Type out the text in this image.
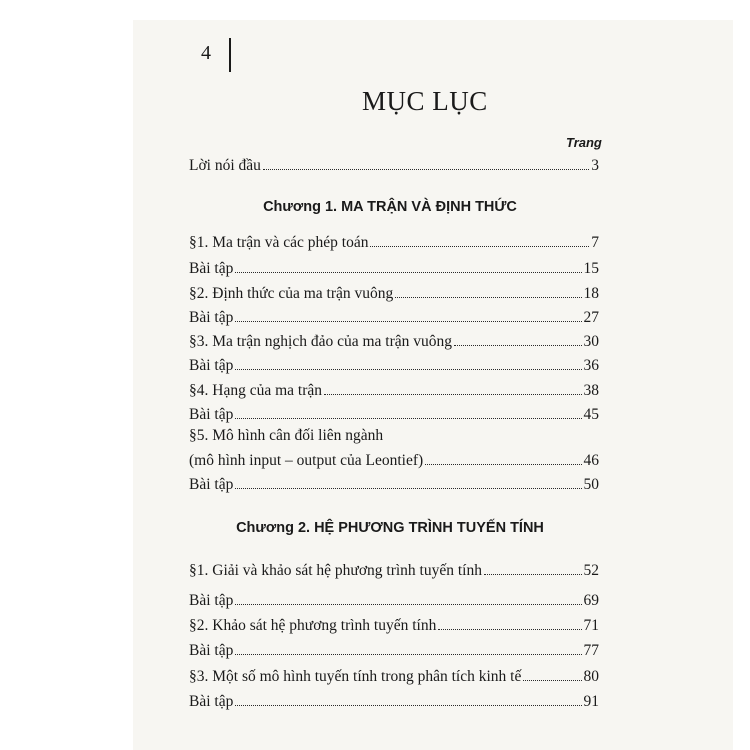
4
MỤC LỤC
Trang
Lời nói đầu	3
Chương 1. MA TRẬN VÀ ĐỊNH THỨC
§1. Ma trận và các phép toán	7
Bài tập	15
§2. Định thức của ma trận vuông	18
Bài tập	27
§3. Ma trận nghịch đảo của ma trận vuông	30
Bài tập	36
§4. Hạng của ma trận	38
Bài tập	45
§5. Mô hình cân đối liên ngành
(mô hình input – output của Leontief)	46
Bài tập	50
Chương 2. HỆ PHƯƠNG TRÌNH TUYẾN TÍNH
§1. Giải và khảo sát hệ phương trình tuyến tính	52
Bài tập	69
§2. Khảo sát hệ phương trình tuyến tính	71
Bài tập	77
§3. Một số mô hình tuyến tính trong phân tích kinh tế	80
Bài tập	91
